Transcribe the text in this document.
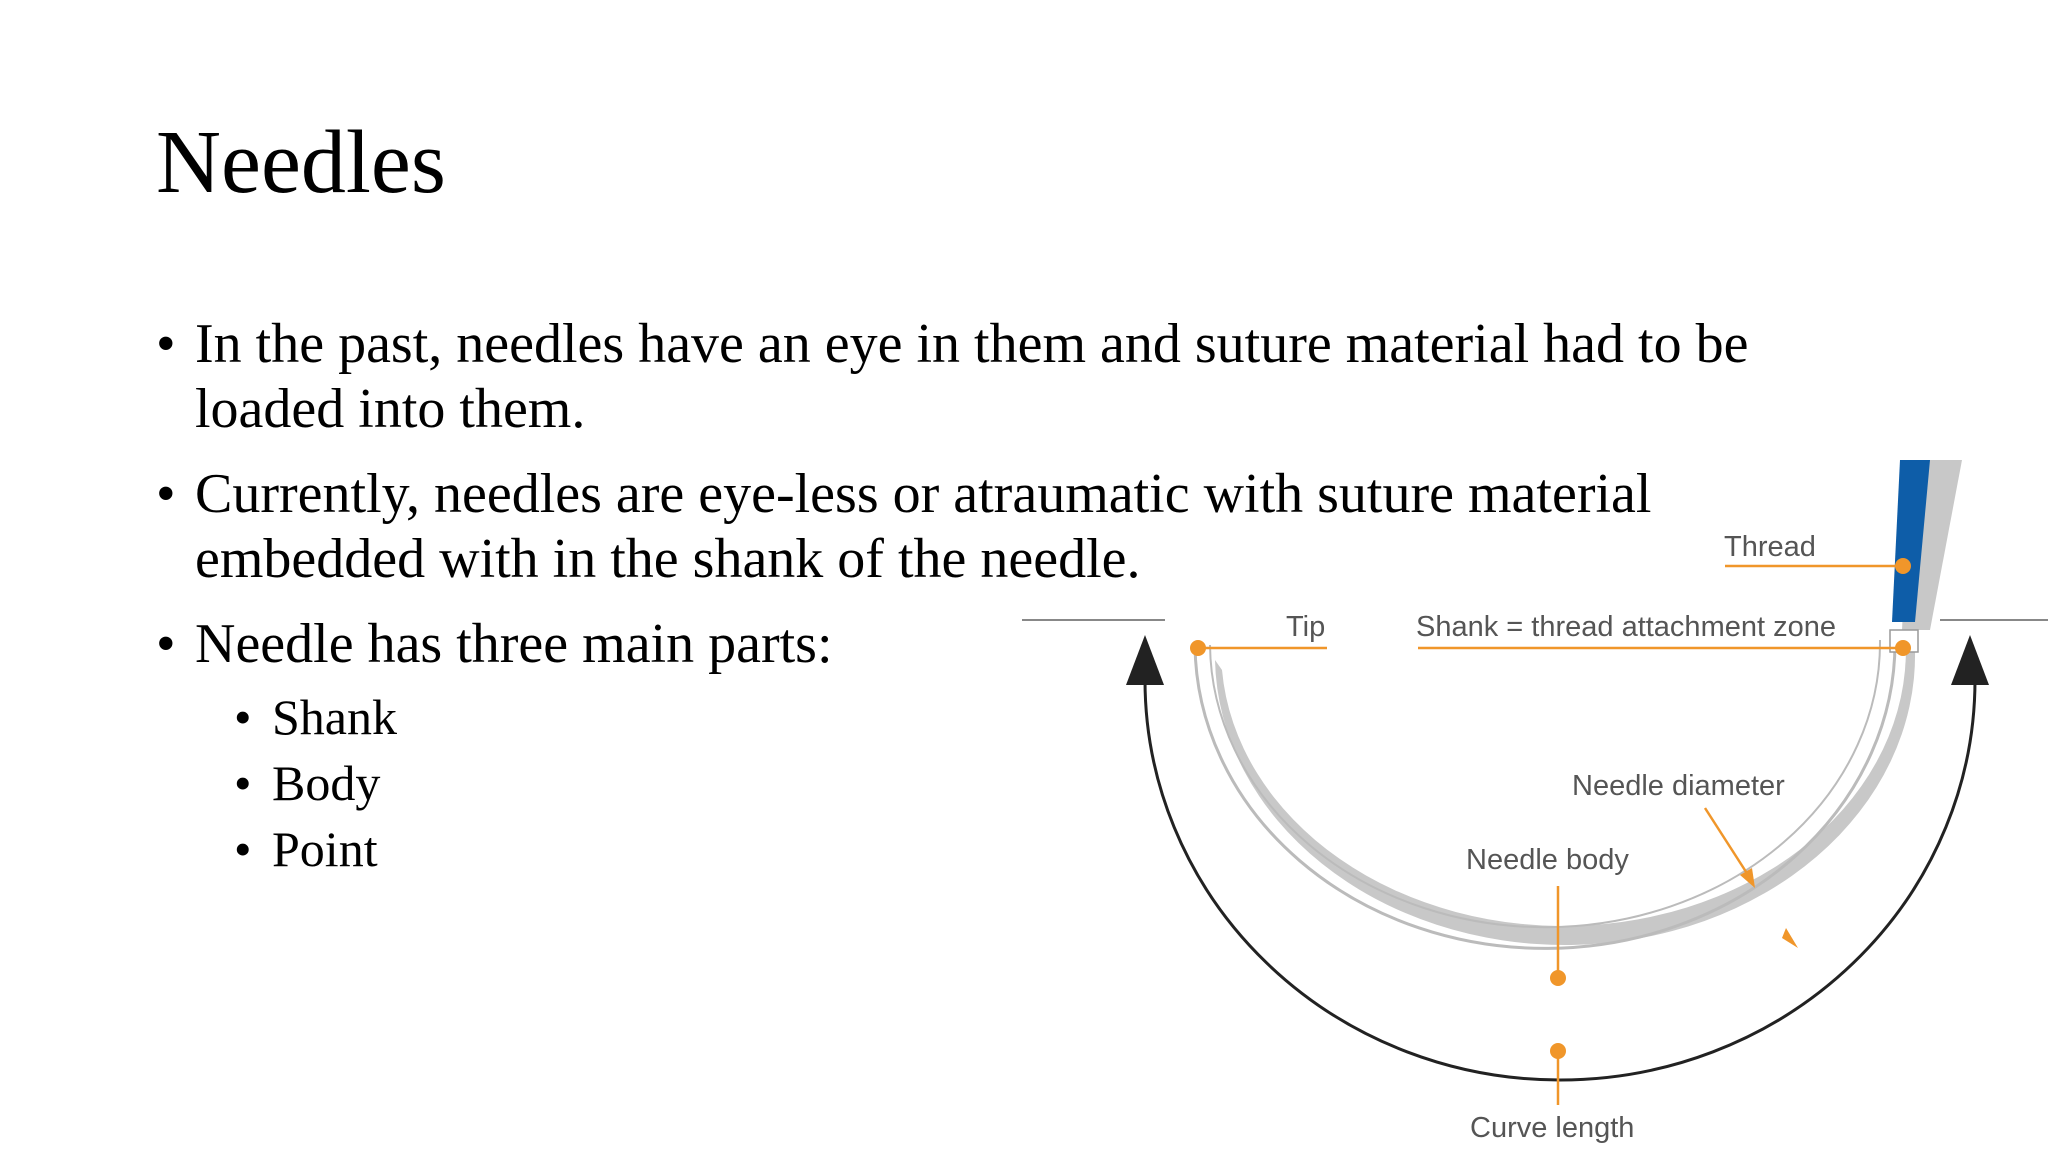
Needles
• In the past, needles have an eye in them and suture material had to be
loaded into them.
• Currently, needles are eye-less or atraumatic with suture material
embedded with in the shank of the needle.
• Needle has three main parts:
• Shank
• Body
• Point
Thread
Tip	Shank = thread attachment zone
Needle diameter
Needle body
Curve length
